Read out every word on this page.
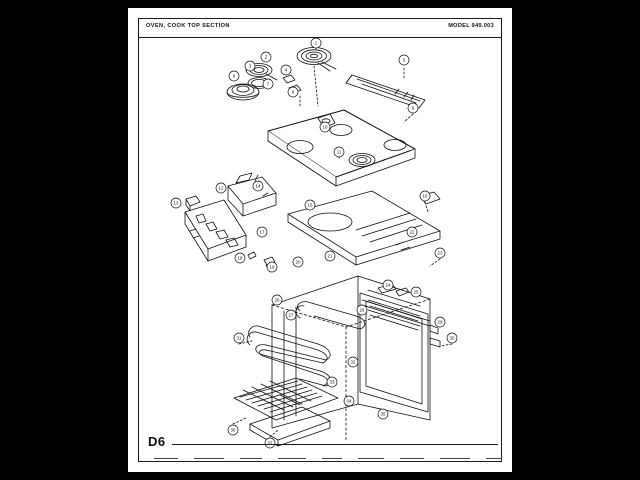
OVEN, COOK TOP SECTION	MODEL 949.003
1
2
3
4
5
6
7
8
9
10
11
12
13
14
15
16
17
18
19
20
21
22
23
24
25
26
27
28
29
30
31
32
33
34
35
36
D6
